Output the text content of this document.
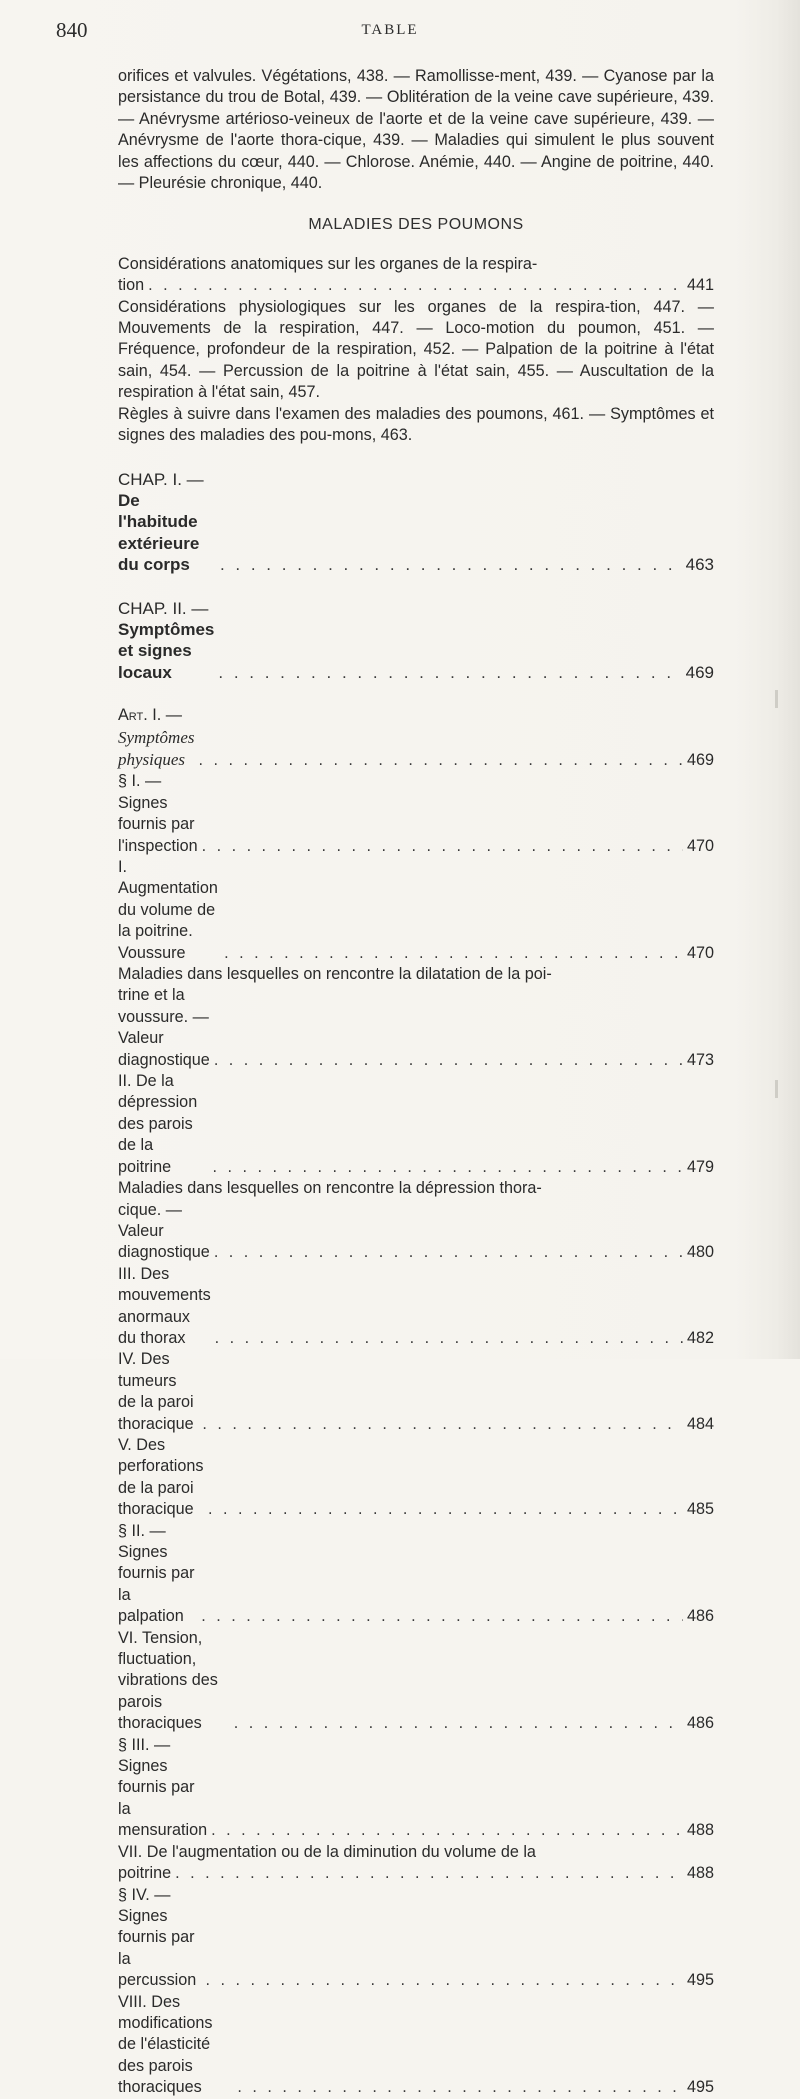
840	TABLE

orifices et valvules. Végétations, 438. — Ramollisse-ment, 439. — Cyanose par la persistance du trou de Botal, 439. — Oblitération de la veine cave supérieure, 439. — Anévrysme artérioso-veineux de l'aorte et de la veine cave supérieure, 439. — Anévrysme de l'aorte thora-cique, 439. — Maladies qui simulent le plus souvent les affections du cœur, 440. — Chlorose. Anémie, 440. — Angine de poitrine, 440. — Pleurésie chronique, 440.

MALADIES DES POUMONS
Considérations anatomiques sur les organes de la respira-
tion . . .	441

Considérations physiologiques sur les organes de la respira-tion, 447. — Mouvements de la respiration, 447. — Loco-motion du poumon, 451. — Fréquence, profondeur de la respiration, 452. — Palpation de la poitrine à l'état sain, 454. — Percussion de la poitrine à l'état sain, 455. — Auscultation de la respiration à l'état sain, 457.

Règles à suivre dans l'examen des maladies des poumons, 461. — Symptômes et signes des maladies des pou-mons, 463.

CHAP. I. — De l'habitude extérieure du corps . . .	463
CHAP. II. — Symptômes et signes locaux . . .	469
Art. I. — Symptômes physiques . . .	469
§ I. — Signes fournis par l'inspection . . .	470
I. Augmentation du volume de la poitrine. Voussure . . .	470
Maladies dans lesquelles on rencontre la dilatation de la poi-
trine et la voussure. — Valeur diagnostique . . .	473
II. De la dépression des parois de la poitrine . . .	479
Maladies dans lesquelles on rencontre la dépression thora-
cique. — Valeur diagnostique . . .	480
III. Des mouvements anormaux du thorax . . .	482
IV. Des tumeurs de la paroi thoracique . . .	484
V. Des perforations de la paroi thoracique . . .	485
§ II. — Signes fournis par la palpation . . .	486
VI. Tension, fluctuation, vibrations des parois thoraciques . . .	486
§ III. — Signes fournis par la mensuration . . .	488
VII. De l'augmentation ou de la diminution du volume de la
poitrine . . .	488
§ IV. — Signes fournis par la percussion . . .	495
VIII. Des modifications de l'élasticité des parois thoraciques . . .	495
